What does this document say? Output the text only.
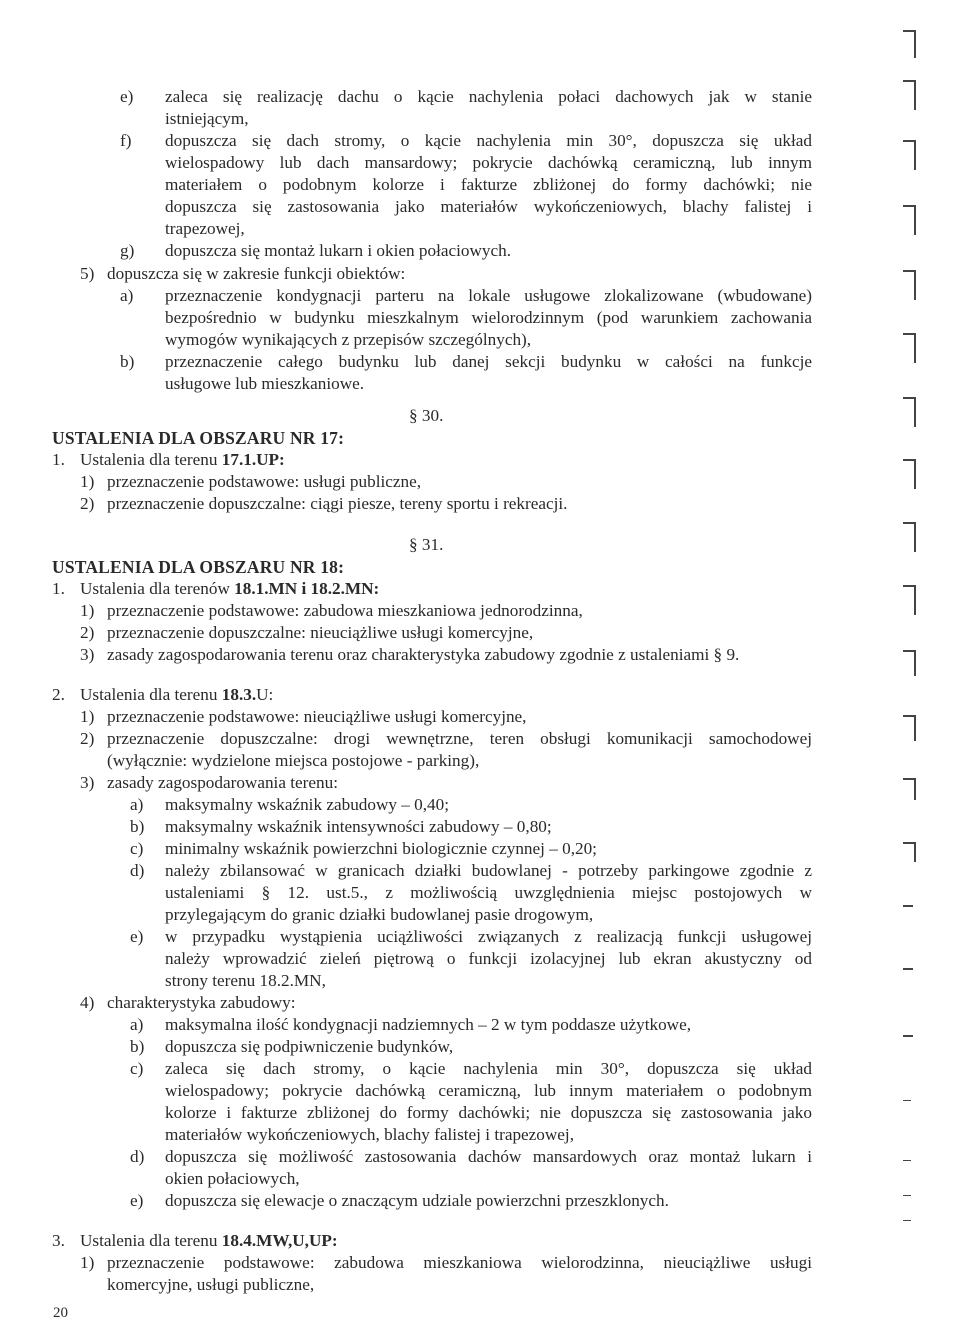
e) zaleca się realizację dachu o kącie nachylenia połaci dachowych jak w stanie
istniejącym,
f) dopuszcza się dach stromy, o kącie nachylenia min 30°, dopuszcza się układ
wielospadowy lub dach mansardowy; pokrycie dachówką ceramiczną, lub innym
materiałem o podobnym kolorze i fakturze zbliżonej do formy dachówki; nie
dopuszcza się zastosowania jako materiałów wykończeniowych, blachy falistej i
trapezowej,
g) dopuszcza się montaż lukarn i okien połaciowych.
5) dopuszcza się w zakresie funkcji obiektów:
a) przeznaczenie kondygnacji parteru na lokale usługowe zlokalizowane (wbudowane)
bezpośrednio w budynku mieszkalnym wielorodzinnym (pod warunkiem zachowania
wymogów wynikających z przepisów szczególnych),
b) przeznaczenie całego budynku lub danej sekcji budynku w całości na funkcje
usługowe lub mieszkaniowe.
§ 30.
USTALENIA DLA OBSZARU NR 17:
1. Ustalenia dla terenu 17.1.UP:
1) przeznaczenie podstawowe: usługi publiczne,
2) przeznaczenie dopuszczalne: ciągi piesze, tereny sportu i rekreacji.
§ 31.
USTALENIA DLA OBSZARU NR 18:
1. Ustalenia dla terenów 18.1.MN i 18.2.MN:
1) przeznaczenie podstawowe: zabudowa mieszkaniowa jednorodzinna,
2) przeznaczenie dopuszczalne: nieuciążliwe usługi komercyjne,
3) zasady zagospodarowania terenu oraz charakterystyka zabudowy zgodnie z ustaleniami § 9.
2. Ustalenia dla terenu 18.3.U:
1) przeznaczenie podstawowe: nieuciążliwe usługi komercyjne,
2) przeznaczenie dopuszczalne: drogi wewnętrzne, teren obsługi komunikacji samochodowej
(wyłącznie: wydzielone miejsca postojowe - parking),
3) zasady zagospodarowania terenu:
a) maksymalny wskaźnik zabudowy – 0,40;
b) maksymalny wskaźnik intensywności zabudowy – 0,80;
c) minimalny wskaźnik powierzchni biologicznie czynnej – 0,20;
d) należy zbilansować w granicach działki budowlanej - potrzeby parkingowe zgodnie z
ustaleniami § 12. ust.5., z możliwością uwzględnienia miejsc postojowych w
przylegającym do granic działki budowlanej pasie drogowym,
e) w przypadku wystąpienia uciążliwości związanych z realizacją funkcji usługowej
należy wprowadzić zieleń piętrową o funkcji izolacyjnej lub ekran akustyczny od
strony terenu 18.2.MN,
4) charakterystyka zabudowy:
a) maksymalna ilość kondygnacji nadziemnych – 2 w tym poddasze użytkowe,
b) dopuszcza się podpiwniczenie budynków,
c) zaleca się dach stromy, o kącie nachylenia min 30°, dopuszcza się układ
wielospadowy; pokrycie dachówką ceramiczną, lub innym materiałem o podobnym
kolorze i fakturze zbliżonej do formy dachówki; nie dopuszcza się zastosowania jako
materiałów wykończeniowych, blachy falistej i trapezowej,
d) dopuszcza się możliwość zastosowania dachów mansardowych oraz montaż lukarn i
okien połaciowych,
e) dopuszcza się elewacje o znaczącym udziale powierzchni przeszklonych.
3. Ustalenia dla terenu 18.4.MW,U,UP:
1) przeznaczenie podstawowe: zabudowa mieszkaniowa wielorodzinna, nieuciążliwe usługi
komercyjne, usługi publiczne,
20
